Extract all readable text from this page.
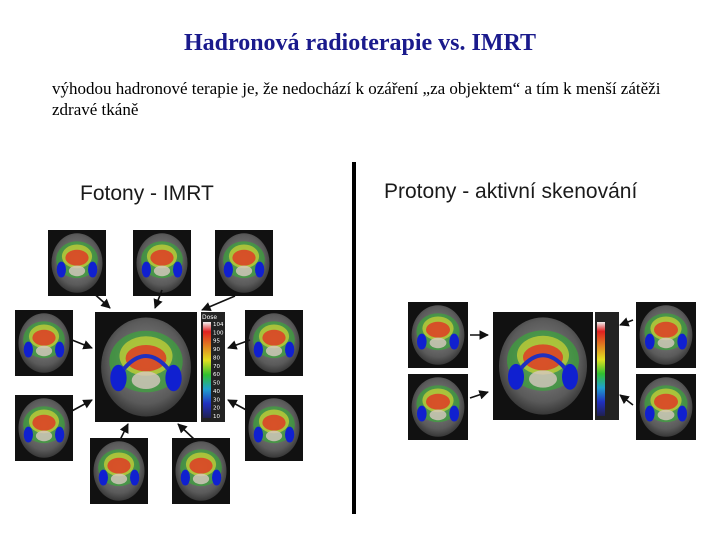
Hadronová radioterapie vs. IMRT
výhodou hadronové terapie je, že nedochází k ozáření „za objektem“ a tím k menší zátěži zdravé tkáně
Fotony - IMRT	Protony - aktivní skenování
Dose
104
100
95
90
80
70
60
50
40
30
20
10
